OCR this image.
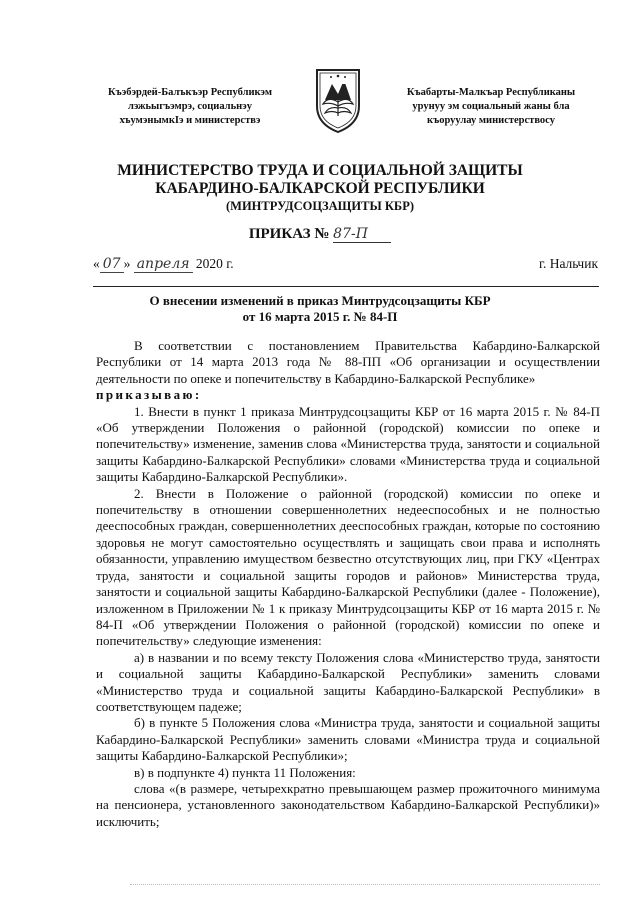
Къэбэрдей-Балъкъэр Республикэм
лэжьыгъэмрэ, социальнэу
хъумэнымкIэ и министерствэ
Къабарты-Малкъар Республиканы
урунуу эм социальный жаны бла
къоруулау министерствосу
МИНИСТЕРСТВО ТРУДА И СОЦИАЛЬНОЙ ЗАЩИТЫ
КАБАРДИНО-БАЛКАРСКОЙ РЕСПУБЛИКИ
(МИНТРУДСОЦЗАЩИТЫ КБР)
ПРИКАЗ № 87-П
« 07 » апреля 2020 г.	г. Нальчик
О внесении изменений в приказ Минтрудсоцзащиты КБР
от 16 марта 2015 г. № 84-П

В соответствии с постановлением Правительства Кабардино-Балкарской Республики от 14 марта 2013 года № 88-ПП «Об организации и осуществлении деятельности по опеке и попечительству в Кабардино-Балкарской Республике»

приказываю:

1. Внести в пункт 1 приказа Минтрудсоцзащиты КБР от 16 марта 2015 г. № 84-П «Об утверждении Положения о районной (городской) комиссии по опеке и попечительству» изменение, заменив слова «Министерства труда, занятости и социальной защиты Кабардино-Балкарской Республики» словами «Министерства труда и социальной защиты Кабардино-Балкарской Республики».

2. Внести в Положение о районной (городской) комиссии по опеке и попечительству в отношении совершеннолетних недееспособных и не полностью дееспособных граждан, совершеннолетних дееспособных граждан, которые по состоянию здоровья не могут самостоятельно осуществлять и защищать свои права и исполнять обязанности, управлению имуществом безвестно отсутствующих лиц, при ГКУ «Центрах труда, занятости и социальной защиты городов и районов» Министерства труда, занятости и социальной защиты Кабардино-Балкарской Республики (далее - Положение), изложенном в Приложении № 1 к приказу Минтрудсоцзащиты КБР от 16 марта 2015 г. № 84-П «Об утверждении Положения о районной (городской) комиссии по опеке и попечительству» следующие изменения:

а) в названии и по всему тексту Положения слова «Министерство труда, занятости и социальной защиты Кабардино-Балкарской Республики» заменить словами «Министерство труда и социальной защиты Кабардино-Балкарской Республики» в соответствующем падеже;

б) в пункте 5 Положения слова «Министра труда, занятости и социальной защиты Кабардино-Балкарской Республики» заменить словами «Министра труда и социальной защиты Кабардино-Балкарской Республики»;

в) в подпункте 4) пункта 11 Положения:

слова «(в размере, четырехкратно превышающем размер прожиточного минимума на пенсионера, установленного законодательством Кабардино-Балкарской Республики)» исключить;
